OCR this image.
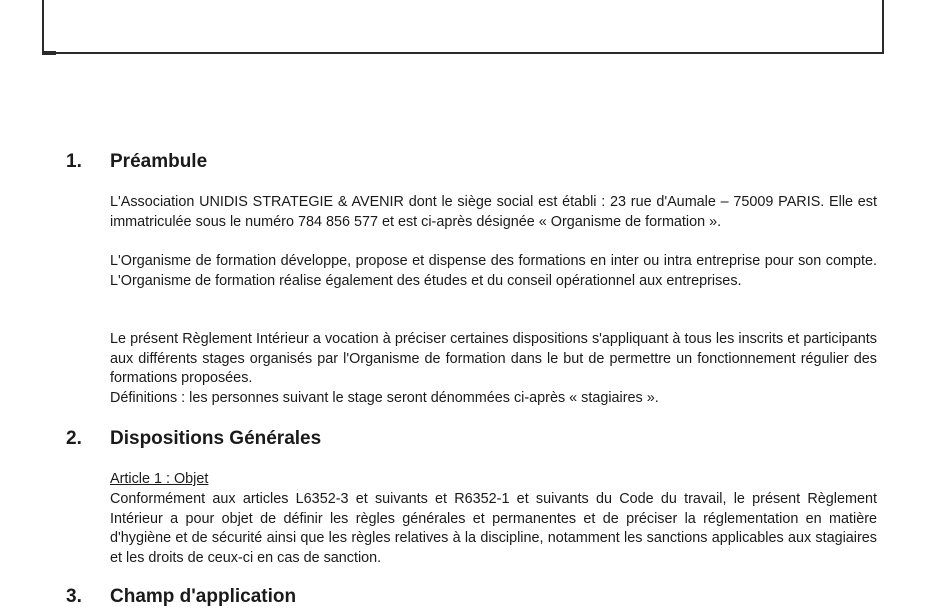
1. Préambule

L'Association UNIDIS STRATEGIE & AVENIR dont le siège social est établi : 23 rue d'Aumale – 75009 PARIS. Elle est immatriculée sous le numéro 784 856 577 et est ci-après désignée « Organisme de formation ».

L'Organisme de formation développe, propose et dispense des formations en inter ou intra entreprise pour son compte. L'Organisme de formation réalise également des études et du conseil opérationnel aux entreprises.

Le présent Règlement Intérieur a vocation à préciser certaines dispositions s'appliquant à tous les inscrits et participants aux différents stages organisés par l'Organisme de formation dans le but de permettre un fonctionnement régulier des formations proposées.

Définitions : les personnes suivant le stage seront dénommées ci-après « stagiaires ».

2. Dispositions Générales

Article 1 : Objet

Conformément aux articles L6352-3 et suivants et R6352-1 et suivants du Code du travail, le présent Règlement Intérieur a pour objet de définir les règles générales et permanentes et de préciser la réglementation en matière d'hygiène et de sécurité ainsi que les règles relatives à la discipline, notamment les sanctions applicables aux stagiaires et les droits de ceux-ci en cas de sanction.

3. Champ d'application
